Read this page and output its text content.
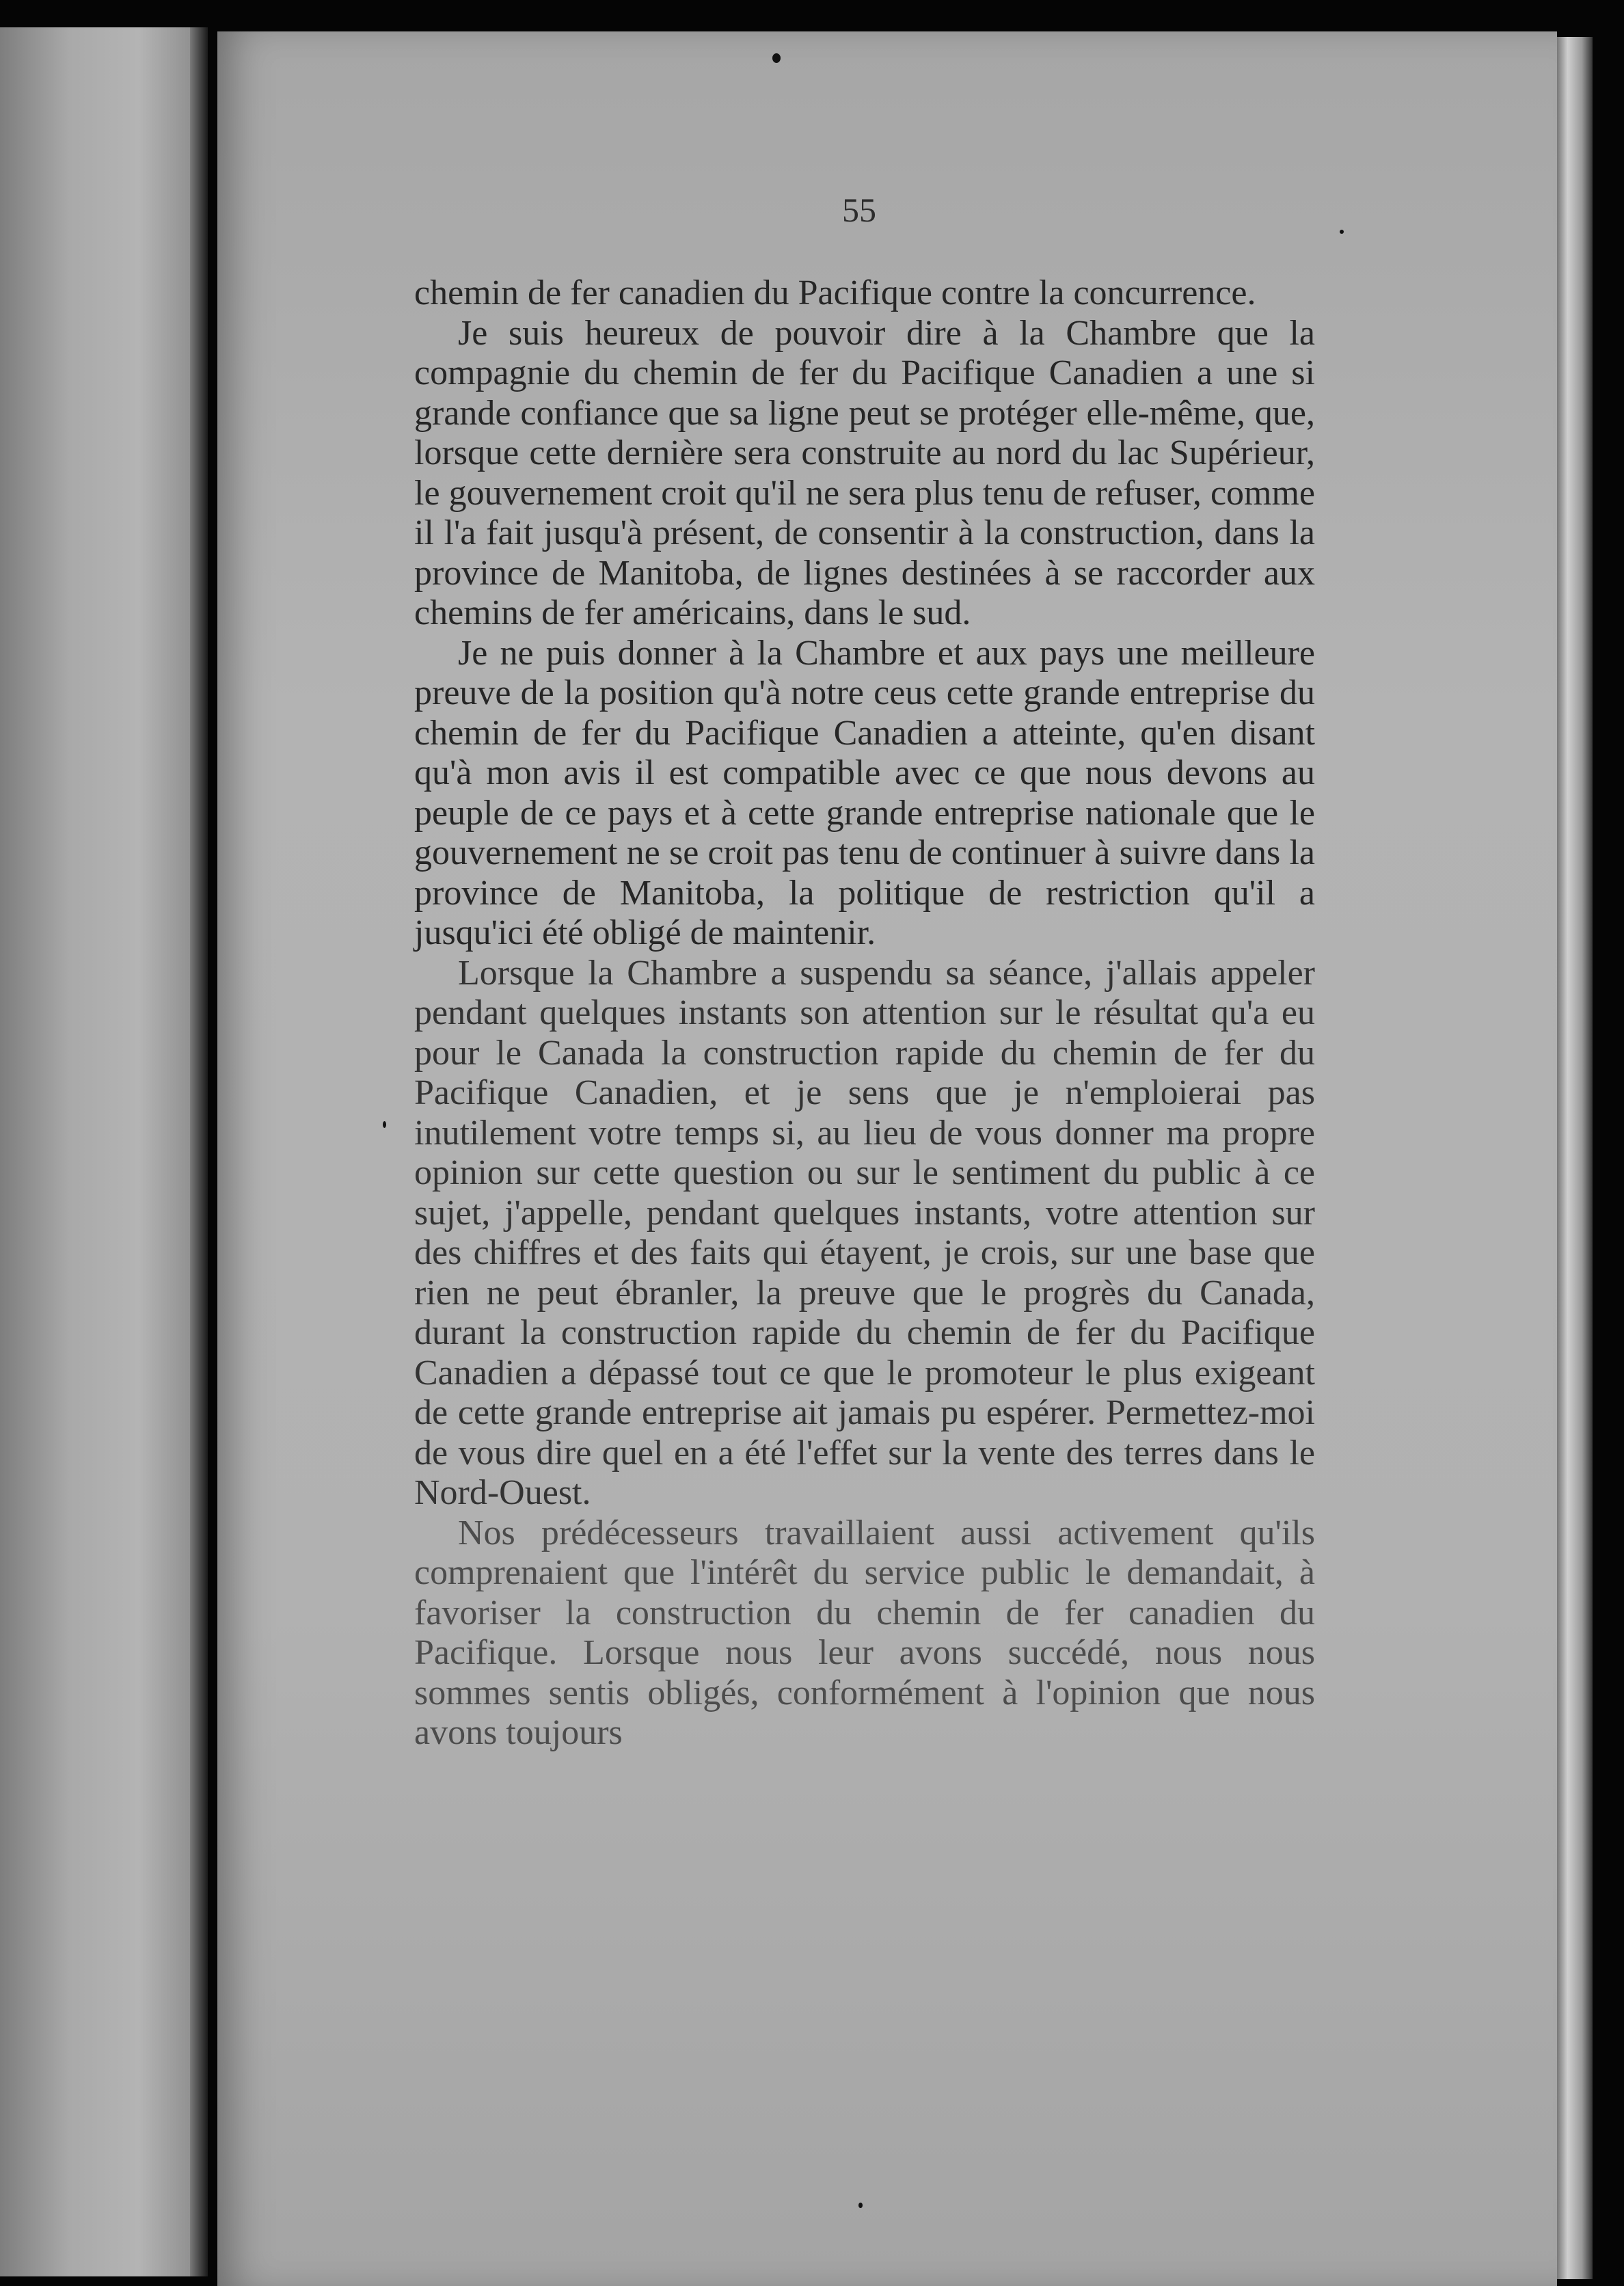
55

chemin de fer canadien du Pacifique contre la concurrence.

Je suis heureux de pouvoir dire à la Chambre que la compagnie du chemin de fer du Pacifique Canadien a une si grande confiance que sa ligne peut se protéger elle-même, que, lorsque cette dernière sera construite au nord du lac Supérieur, le gouvernement croit qu'il ne sera plus tenu de refuser, comme il l'a fait jusqu'à présent, de consentir à la construction, dans la province de Manitoba, de lignes destinées à se raccorder aux chemins de fer américains, dans le sud.

Je ne puis donner à la Chambre et aux pays une meilleure preuve de la position qu'à notre ceus cette grande entreprise du chemin de fer du Pacifique Canadien a atteinte, qu'en disant qu'à mon avis il est compatible avec ce que nous devons au peuple de ce pays et à cette grande entreprise nationale que le gouvernement ne se croit pas tenu de continuer à suivre dans la province de Manitoba, la politique de restriction qu'il a jusqu'ici été obligé de maintenir.

Lorsque la Chambre a suspendu sa séance, j'allais appeler pendant quelques instants son attention sur le résultat qu'a eu pour le Canada la construction rapide du chemin de fer du Pacifique Canadien, et je sens que je n'emploierai pas inutilement votre temps si, au lieu de vous donner ma propre opinion sur cette question ou sur le sentiment du public à ce sujet, j'appelle, pendant quelques instants, votre attention sur des chiffres et des faits qui étayent, je crois, sur une base que rien ne peut ébranler, la preuve que le progrès du Canada, durant la construction rapide du chemin de fer du Pacifique Canadien a dépassé tout ce que le promoteur le plus exigeant de cette grande entreprise ait jamais pu espérer. Permettez-moi de vous dire quel en a été l'effet sur la vente des terres dans le Nord-Ouest.

Nos prédécesseurs travaillaient aussi activement qu'ils comprenaient que l'intérêt du service public le demandait, à favoriser la construction du chemin de fer canadien du Pacifique. Lorsque nous leur avons succédé, nous nous sommes sentis obligés, conformément à l'opinion que nous avons toujours
